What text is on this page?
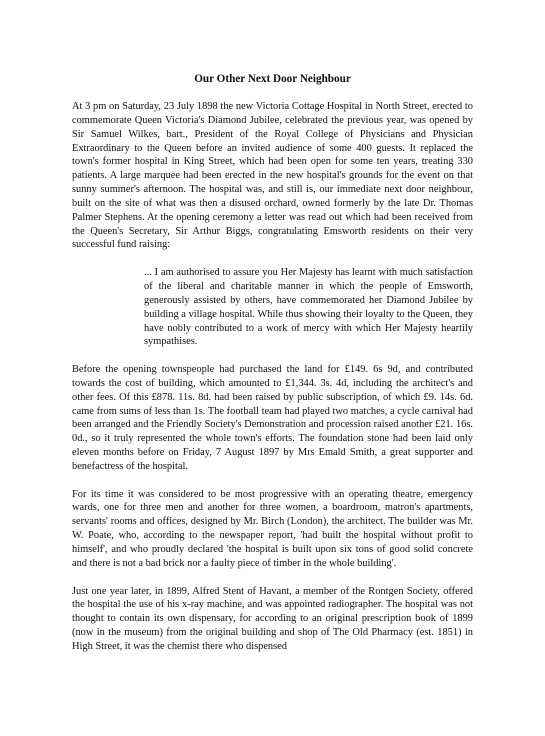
Our Other Next Door Neighbour

At 3 pm on Saturday, 23 July 1898 the new Victoria Cottage Hospital in North Street, erected to commemorate Queen Victoria's Diamond Jubilee, celebrated the previous year, was opened by Sir Samuel Wilkes, bart., President of the Royal College of Physicians and Physician Extraordinary to the Queen before an invited audience of some 400 guests. It replaced the town's former hospital in King Street, which had been open for some ten years, treating 330 patients. A large marquee had been erected in the new hospital's grounds for the event on that sunny summer's afternoon. The hospital was, and still is, our immediate next door neighbour, built on the site of what was then a disused orchard, owned formerly by the late Dr. Thomas Palmer Stephens. At the opening ceremony a letter was read out which had been received from the Queen's Secretary, Sir Arthur Biggs, congratulating Emsworth residents on their very successful fund raising:

... I am authorised to assure you Her Majesty has learnt with much satisfaction of the liberal and charitable manner in which the people of Emsworth, generously assisted by others, have commemorated her Diamond Jubilee by building a village hospital. While thus showing their loyalty to the Queen, they have nobly contributed to a work of mercy with which Her Majesty heartily sympathises.

Before the opening townspeople had purchased the land for £149. 6s 9d, and contributed towards the cost of building, which amounted to £1,344. 3s. 4d, including the architect's and other fees. Of this £878. 11s. 8d. had been raised by public subscription, of which £9. 14s. 6d. came from sums of less than 1s. The football team had played two matches, a cycle carnival had been arranged and the Friendly Society's Demonstration and procession raised another £21. 16s. 0d., so it truly represented the whole town's efforts. The foundation stone had been laid only eleven months before on Friday, 7 August 1897 by Mrs Emald Smith, a great supporter and benefactress of the hospital.

For its time it was considered to be most progressive with an operating theatre, emergency wards, one for three men and another for three women, a boardroom, matron's apartments, servants' rooms and offices, designed by Mr. Birch (London), the architect. The builder was Mr. W. Poate, who, according to the newspaper report, 'had built the hospital without profit to himself', and who proudly declared 'the hospital is built upon six tons of good solid concrete and there is not a bad brick nor a faulty piece of timber in the whole building'.

Just one year later, in 1899, Alfred Stent of Havant, a member of the Rontgen Society, offered the hospital the use of his x-ray machine, and was appointed radiographer. The hospital was not thought to contain its own dispensary, for according to an original prescription book of 1899 (now in the museum) from the original building and shop of The Old Pharmacy (est. 1851) in High Street, it was the chemist there who dispensed
